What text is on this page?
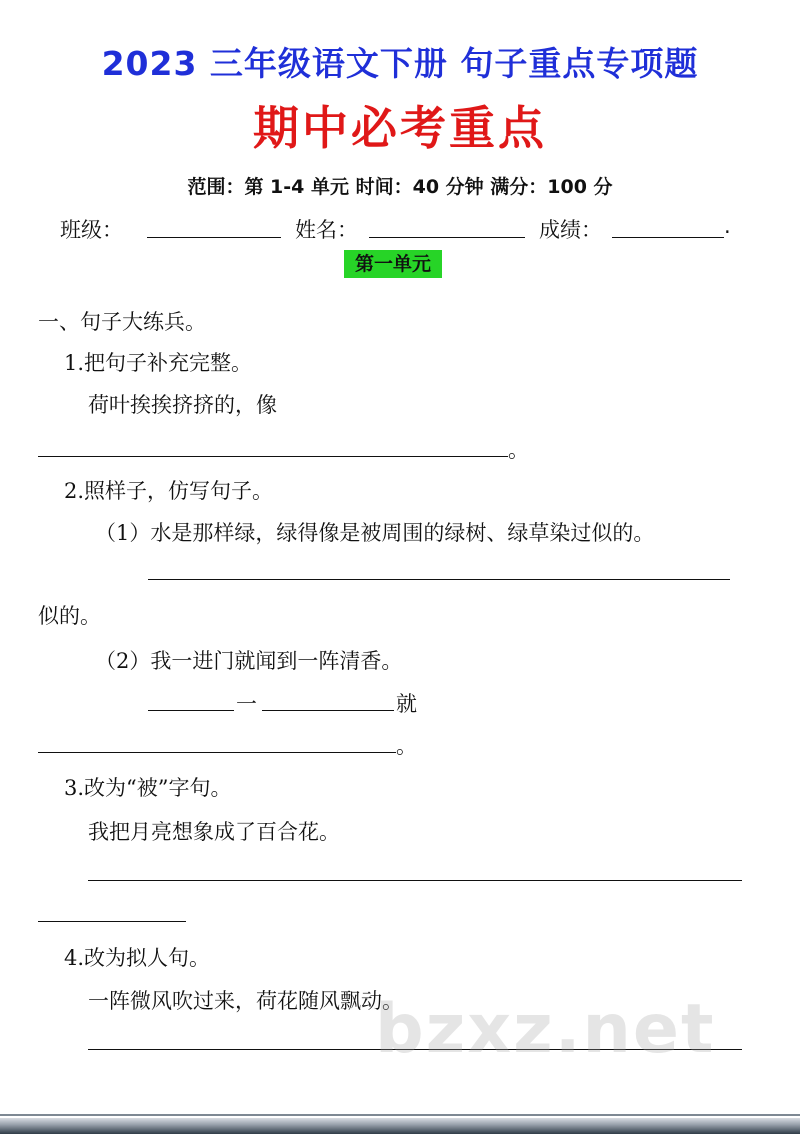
2023 三年级语文下册 句子重点专项题
期中必考重点
范围：第 1-4 单元 时间：40 分钟 满分：100 分
班级：	姓名：	成绩：	.
第一单元
一、句子大练兵。
1.把句子补充完整。
荷叶挨挨挤挤的，像
。
2.照样子，仿写句子。
（1）水是那样绿，绿得像是被周围的绿树、绿草染过似的。
似的。
（2）我一进门就闻到一阵清香。
一	就
。
3.改为“被”字句。
我把月亮想象成了百合花。
4.改为拟人句。
一阵微风吹过来，荷花随风飘动。
bzxz.net
